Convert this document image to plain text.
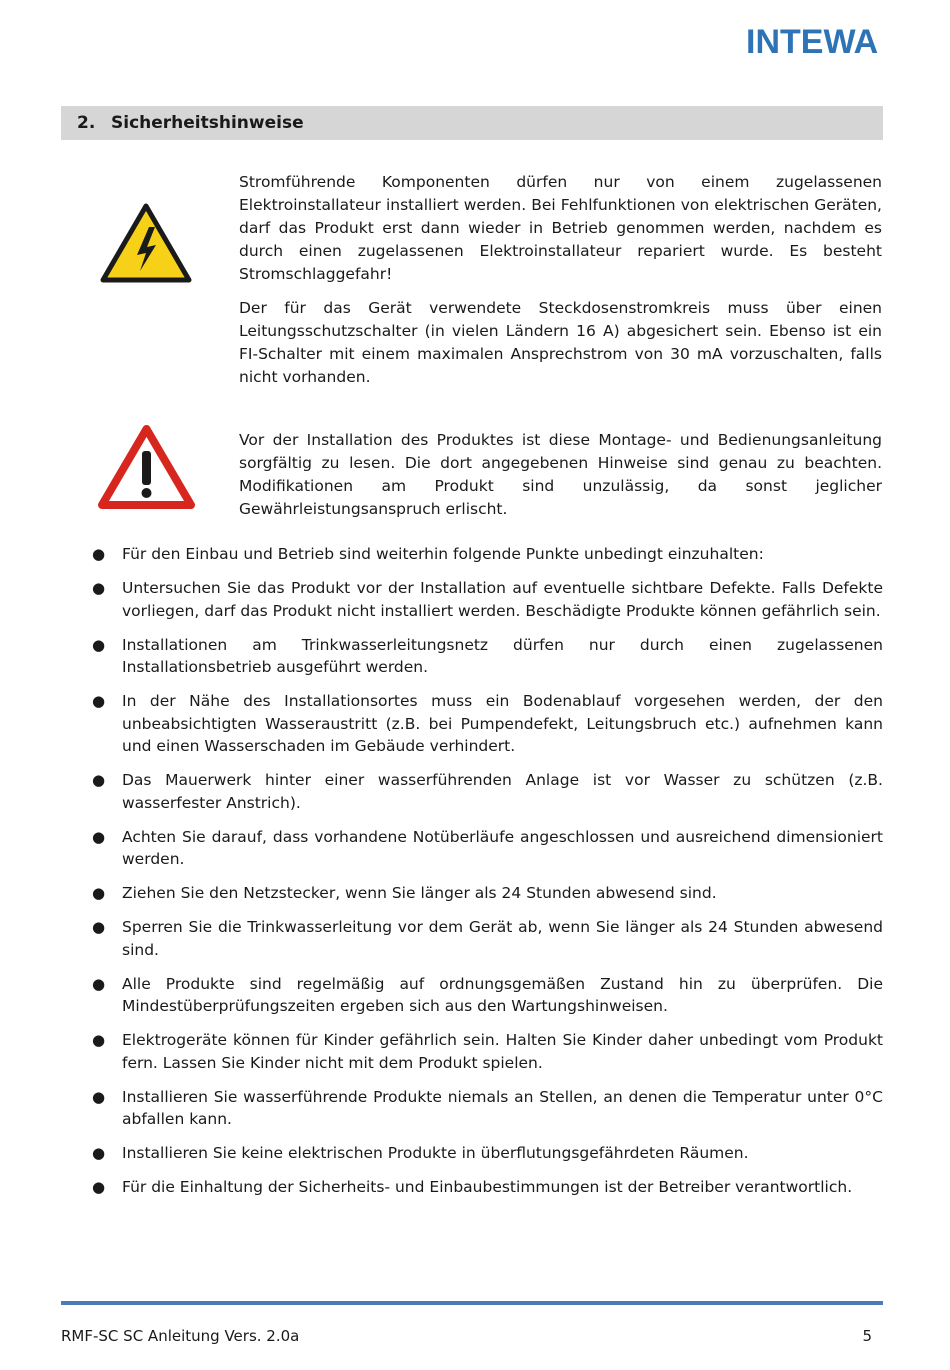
INTEWA
2. Sicherheitshinweise

Stromführende Komponenten dürfen nur von einem zugelassenen Elektroinstallateur installiert werden. Bei Fehlfunktionen von elektrischen Geräten, darf das Produkt erst dann wieder in Betrieb genommen werden, nachdem es durch einen zugelassenen Elektroinstallateur repariert wurde. Es besteht Stromschlaggefahr!

Der für das Gerät verwendete Steckdosenstromkreis muss über einen Leitungsschutzschalter (in vielen Ländern 16 A) abgesichert sein. Ebenso ist ein FI-Schalter mit einem maximalen Ansprechstrom von 30 mA vorzuschalten, falls nicht vorhanden.

Vor der Installation des Produktes ist diese Montage- und Bedienungsanleitung sorgfältig zu lesen. Die dort angegebenen Hinweise sind genau zu beachten. Modifikationen am Produkt sind unzulässig, da sonst jeglicher Gewährleistungsanspruch erlischt.

● Für den Einbau und Betrieb sind weiterhin folgende Punkte unbedingt einzuhalten:
● Untersuchen Sie das Produkt vor der Installation auf eventuelle sichtbare Defekte. Falls Defekte vorliegen, darf das Produkt nicht installiert werden. Beschädigte Produkte können gefährlich sein.
● Installationen am Trinkwasserleitungsnetz dürfen nur durch einen zugelassenen Installationsbetrieb ausgeführt werden.
● In der Nähe des Installationsortes muss ein Bodenablauf vorgesehen werden, der den unbeabsichtigten Wasseraustritt (z.B. bei Pumpendefekt, Leitungsbruch etc.) aufnehmen kann und einen Wasserschaden im Gebäude verhindert.
● Das Mauerwerk hinter einer wasserführenden Anlage ist vor Wasser zu schützen (z.B. wasserfester Anstrich).
● Achten Sie darauf, dass vorhandene Notüberläufe angeschlossen und ausreichend dimensioniert werden.
● Ziehen Sie den Netzstecker, wenn Sie länger als 24 Stunden abwesend sind.
● Sperren Sie die Trinkwasserleitung vor dem Gerät ab, wenn Sie länger als 24 Stunden abwesend sind.
● Alle Produkte sind regelmäßig auf ordnungsgemäßen Zustand hin zu überprüfen. Die Mindestüberprüfungszeiten ergeben sich aus den Wartungshinweisen.
● Elektrogeräte können für Kinder gefährlich sein. Halten Sie Kinder daher unbedingt vom Produkt fern. Lassen Sie Kinder nicht mit dem Produkt spielen.
● Installieren Sie wasserführende Produkte niemals an Stellen, an denen die Temperatur unter 0°C abfallen kann.
● Installieren Sie keine elektrischen Produkte in überflutungsgefährdeten Räumen.
● Für die Einhaltung der Sicherheits- und Einbaubestimmungen ist der Betreiber verantwortlich.
RMF-SC SC Anleitung Vers. 2.0a	5
